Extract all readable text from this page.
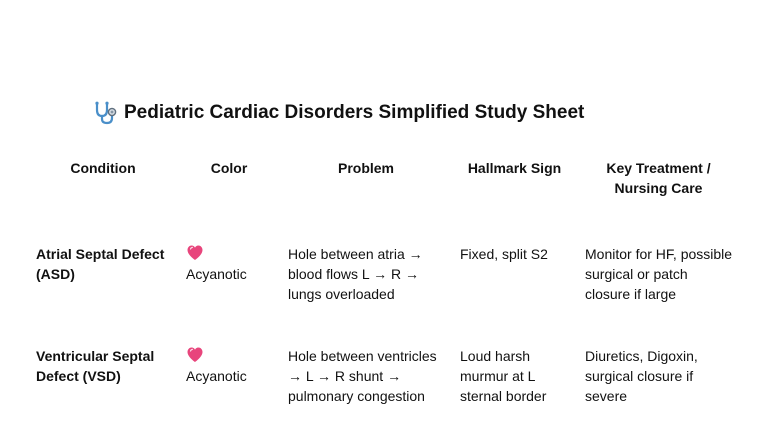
Pediatric Cardiac Disorders Simplified Study Sheet
Condition	Color	Problem	Hallmark Sign	Key Treatment / Nursing Care
Atrial Septal Defect (ASD)	Acyanotic	Hole between atria → blood flows L → R → lungs overloaded	Fixed, split S2	Monitor for HF, possible surgical or patch closure if large
Ventricular Septal Defect (VSD)	Acyanotic	Hole between ventricles → L → R shunt → pulmonary congestion	Loud harsh murmur at L sternal border	Diuretics, Digoxin, surgical closure if severe
